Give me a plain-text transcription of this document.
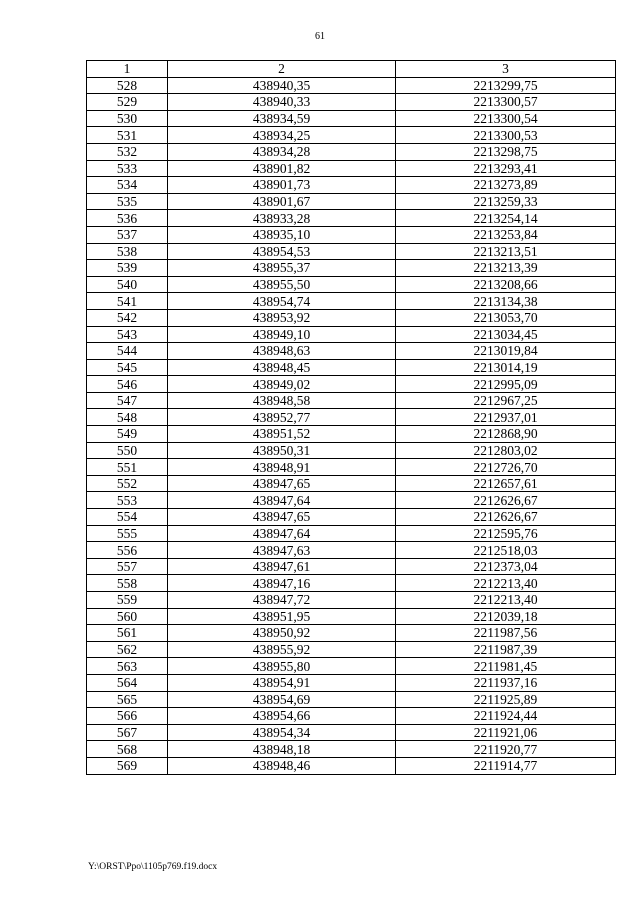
61
1	2	3
528	438940,35	2213299,75
529	438940,33	2213300,57
530	438934,59	2213300,54
531	438934,25	2213300,53
532	438934,28	2213298,75
533	438901,82	2213293,41
534	438901,73	2213273,89
535	438901,67	2213259,33
536	438933,28	2213254,14
537	438935,10	2213253,84
538	438954,53	2213213,51
539	438955,37	2213213,39
540	438955,50	2213208,66
541	438954,74	2213134,38
542	438953,92	2213053,70
543	438949,10	2213034,45
544	438948,63	2213019,84
545	438948,45	2213014,19
546	438949,02	2212995,09
547	438948,58	2212967,25
548	438952,77	2212937,01
549	438951,52	2212868,90
550	438950,31	2212803,02
551	438948,91	2212726,70
552	438947,65	2212657,61
553	438947,64	2212626,67
554	438947,65	2212626,67
555	438947,64	2212595,76
556	438947,63	2212518,03
557	438947,61	2212373,04
558	438947,16	2212213,40
559	438947,72	2212213,40
560	438951,95	2212039,18
561	438950,92	2211987,56
562	438955,92	2211987,39
563	438955,80	2211981,45
564	438954,91	2211937,16
565	438954,69	2211925,89
566	438954,66	2211924,44
567	438954,34	2211921,06
568	438948,18	2211920,77
569	438948,46	2211914,77
Y:\ORST\Ppo\1105p769.f19.docx
